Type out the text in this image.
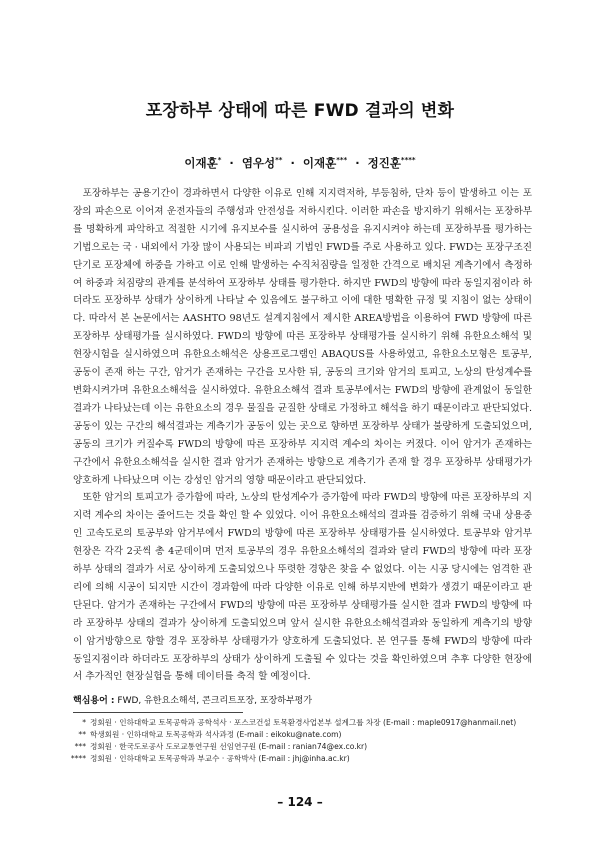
포장하부 상태에 따른 FWD 결과의 변화
이재훈* · 염우성** · 이재훈*** · 정진훈****

포장하부는 공용기간이 경과하면서 다양한 이유로 인해 지지력저하, 부등침하, 단차 등이 발생하고 이는 포장의 파손으로 이어져 운전자들의 주행성과 안전성을 저하시킨다. 이러한 파손을 방지하기 위해서는 포장하부를 명확하게 파악하고 적절한 시기에 유지보수를 실시하여 공용성을 유지시켜야 하는데 포장하부를 평가하는 기법으로는 국 · 내외에서 가장 많이 사용되는 비파괴 기법인 FWD를 주로 사용하고 있다. FWD는 포장구조진단기로 포장체에 하중을 가하고 이로 인해 발생하는 수직처짐량을 일정한 간격으로 배치된 계측기에서 측정하여 하중과 처짐량의 관계를 분석하여 포장하부 상태를 평가한다. 하지만 FWD의 방향에 따라 동일지점이라 하더라도 포장하부 상태가 상이하게 나타날 수 있음에도 불구하고 이에 대한 명확한 규정 및 지침이 없는 상태이다. 따라서 본 논문에서는 AASHTO 98년도 설계지침에서 제시한 AREA방법을 이용하여 FWD 방향에 따른 포장하부 상태평가를 실시하였다. FWD의 방향에 따른 포장하부 상태평가를 실시하기 위해 유한요소해석 및 현장시험을 실시하였으며 유한요소해석은 상용프로그램인 ABAQUS를 사용하였고, 유한요소모형은 토공부, 공동이 존재 하는 구간, 암거가 존재하는 구간을 모사한 뒤, 공동의 크기와 암거의 토피고, 노상의 탄성계수를 변화시켜가며 유한요소해석을 실시하였다. 유한요소해석 결과 토공부에서는 FWD의 방향에 관계없이 동일한 결과가 나타났는데 이는 유한요소의 경우 물질을 균질한 상태로 가정하고 해석을 하기 때문이라고 판단되었다. 공동이 있는 구간의 해석결과는 계측기가 공동이 있는 곳으로 향하면 포장하부 상태가 불량하게 도출되었으며, 공동의 크기가 커질수록 FWD의 방향에 따른 포장하부 지지력 계수의 차이는 커졌다. 이어 암거가 존재하는 구간에서 유한요소해석을 실시한 결과 암거가 존재하는 방향으로 계측기가 존재 할 경우 포장하부 상태평가가 양호하게 나타났으며 이는 강성인 암거의 영향 때문이라고 판단되었다.

또한 암거의 토피고가 증가함에 따라, 노상의 탄성계수가 증가함에 따라 FWD의 방향에 따른 포장하부의 지지력 계수의 차이는 줄어드는 것을 확인 할 수 있었다. 이어 유한요소해석의 결과를 검증하기 위해 국내 상용중인 고속도로의 토공부와 암거부에서 FWD의 방향에 따른 포장하부 상태평가를 실시하였다. 토공부와 암거부 현장은 각각 2곳씩 총 4군데이며 먼저 토공부의 경우 유한요소해석의 결과와 달리 FWD의 방향에 따라 포장하부 상태의 결과가 서로 상이하게 도출되었으나 뚜렷한 경향은 찾을 수 없었다. 이는 시공 당시에는 엄격한 관리에 의해 시공이 되지만 시간이 경과함에 따라 다양한 이유로 인해 하부지반에 변화가 생겼기 때문이라고 판단된다. 암거가 존재하는 구간에서 FWD의 방향에 따른 포장하부 상태평가를 실시한 결과 FWD의 방향에 따라 포장하부 상태의 결과가 상이하게 도출되었으며 앞서 실시한 유한요소해석결과와 동일하게 계측기의 방향이 암거방향으로 향할 경우 포장하부 상태평가가 양호하게 도출되었다. 본 연구를 통해 FWD의 방향에 따라 동일지점이라 하더라도 포장하부의 상태가 상이하게 도출될 수 있다는 것을 확인하였으며 추후 다양한 현장에서 추가적인 현장실험을 통해 데이터를 축적 할 예정이다.

핵심용어 : FWD, 유한요소해석, 콘크리트포장, 포장하부평가
* 정회원 · 인하대학교 토목공학과 공학석사 · 포스코건설 토목환경사업본부 설계그룹 차장 (E-mail : maple0917@hanmail.net)
** 학생회원 · 인하대학교 토목공학과 석사과정 (E-mail : eikoku@nate.com)
*** 정회원 · 한국도로공사 도로교통연구원 선임연구원 (E-mail : ranian74@ex.co.kr)
**** 정회원 · 인하대학교 토목공학과 부교수 · 공학박사 (E-mail : jhj@inha.ac.kr)
– 124 –
